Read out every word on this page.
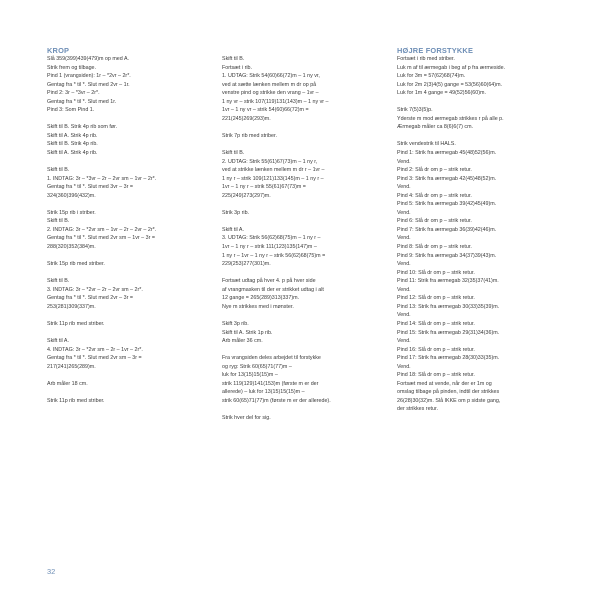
KROP
Slå 359(399)439(479)m op med A.
Strik frem og tilbage.
Pind 1 (vrangsiden): 1r – *2vr – 2r*.
Gentag fra * til *. Slut med 2vr – 1r.
Pind 2: 3r – *3vr – 2r*.
Gentag fra * til *. Slut med 1r.
Pind 3: Som Pind 1.
Skift til B. Strik 4p rib som før.
Skift til A. Strik 4p rib.
Skift til B. Strik 4p rib.
Skift til A. Strik 4p rib.
Skift til B.
1. INDTAG: 3r – *3vr – 2r – 2vr sm – 1vr – 2r*.
Gentag fra * til *. Slut med 3vr – 3r =
324(360)396(432)m.
Strik 15p rib i striber.
Skift til B.
2. INDTAG: 3r – *2vr sm – 1vr – 2r – 2vr – 2r*.
Gentag fra * til *. Slut med 2vr sm – 1vr – 3r =
288(320)352(384)m.
Strik 15p rib med striber.
Skift til B.
3. INDTAG: 3r – *2vr – 2r – 2vr sm – 2r*.
Gentag fra * til *. Slut med 2vr – 3r =
253(281)309(337)m.
Strik 11p rib med striber.
Skift til A.
4. INDTAG: 3r – *2vr sm – 2r – 1vr – 2r*.
Gentag fra * til *. Slut med 2vr sm – 3r =
217(241)265(289)m.
Arb måler 18 cm.
Strik 11p rib med striber.

Skift til B.
Fortsæt i rib.
1. UDTAG: Strik 54(60)66(72)m – 1 ny vr,
ved at sætte lænken mellem m dr op på
venstre pind og strikke den vrang – 1vr –
1 ny vr – strik 107(119)131(143)m – 1 ny vr –
1vr – 1 ny vr – strik 54(60)66(72)m =
221(245)269(293)m.
Strik 7p rib med striber.
Skift til B.
2. UDTAG: Strik 55(61)67(73)m – 1 ny r,
ved at strikke lænken mellem m dr r – 1vr –
1 ny r – strik 109(121)133(145)m – 1 ny r –
1vr – 1 ny r – strik 55(61)67(73)m =
225(249)273(297)m.
Strik 3p rib.
Skift til A.
3. UDTAG: Strik 56(62)68(75)m – 1 ny r –
1vr – 1 ny r – strik 111(123)135(147)m –
1 ny r – 1vr – 1 ny r – strik 56(62)68(75)m =
229(253)277(301)m.
Fortsæt udtag på hver 4. p på hver side
af vrangmasken til der er strikket udtag i alt
12 gange = 265(289)313(337)m.
Nye m strikkes med i mønster.
Skift 3p rib.
Skift til A. Strik 1p rib.
Arb måler 36 cm.
Fra vrangsiden deles arbejdet til forstykke
og ryg: Strik 60(65)71(77)m –
luk for 13(15)15(15)m –
strik 119(129)141(153)m (første m er der
allerede) – luk for 13(15)15(15)m –
strik 60(65)71(77)m (første m er der allerede).
Strik hver del for sig.
HØJRE FORSTYKKE
Fortsæt i rib med striber.
Luk m af til ærmegab i beg af p fra ærmeside.
Luk for 3m = 57(62)68(74)m.
Luk for 2m 2(3)4(5) gange = 53(56)60(64)m.
Luk for 1m 4 gange = 49(52)56(60)m.
Strik 7(5)3(5)p.
Yderste m mod ærmegab strikkes r på alle p.
Ærmegab måler ca 8(6)6(7) cm.
Strik vendestrik til HALS.
Pind 1: Strik fra ærmegab 45(48)52(56)m.
Vend.
Pind 2: Slå dr om p – strik retur.
Pind 3: Strik fra ærmegab 42(45)48(52)m.
Vend.
Pind 4: Slå dr om p – strik retur.
Pind 5: Strik fra ærmegab 39(42)45(49)m.
Vend.
Pind 6: Slå dr om p – strik retur.
Pind 7: Strik fra ærmegab 36(39)42(46)m.
Vend.
Pind 8: Slå dr om p – strik retur.
Pind 9: Strik fra ærmegab 34(37)39(43)m.
Vend.
Pind 10: Slå dr om p – strik retur.
Pind 11: Strik fra ærmegab 32(35)37(41)m.
Vend.
Pind 12: Slå dr om p – strik retur.
Pind 13: Strik fra ærmegab 30(33)35(39)m.
Vend.
Pind 14: Slå dr om p – strik retur.
Pind 15: Strik fra ærmegab 29(31)34(36)m.
Vend.
Pind 16: Slå dr om p – strik retur.
Pind 17: Strik fra ærmegab 28(30)33(35)m.
Vend.
Pind 18: Slå dr om p – strik retur.
Fortsæt med at vende, når der er 1m og
omslag tilbage på pinden, indtil der strikkes
26(28)30(32)m. Slå IKKE om p sidste gang,
der strikkes retur.
32
